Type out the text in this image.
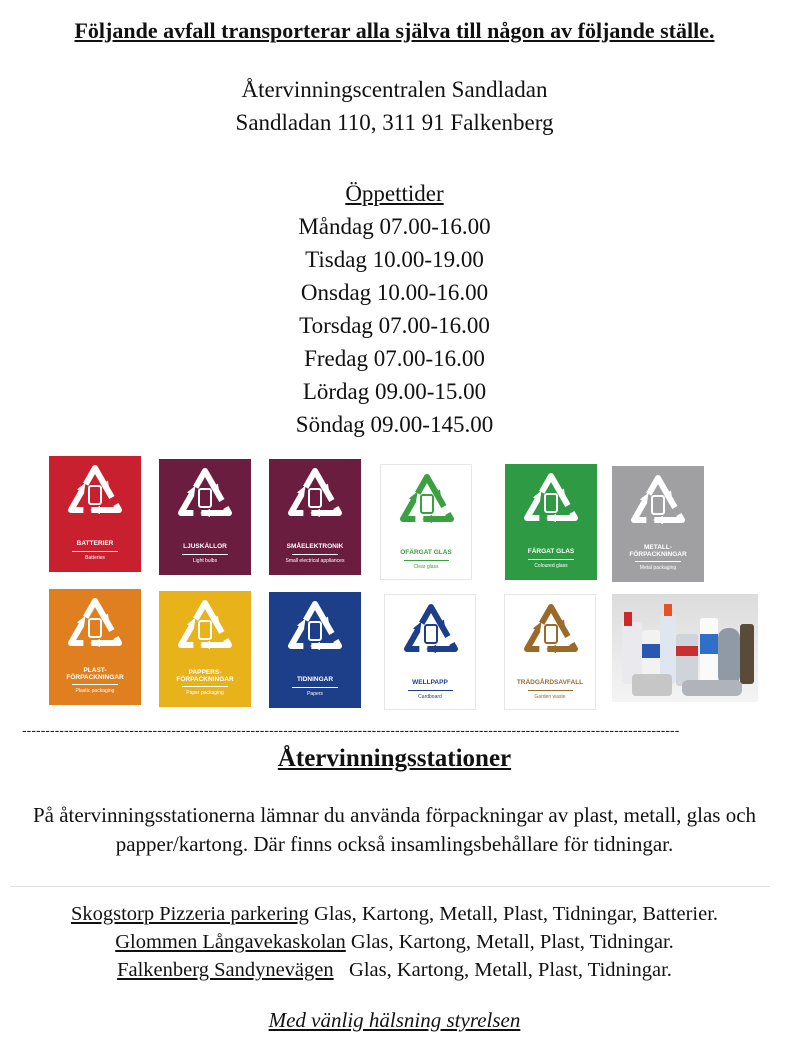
Följande avfall transporterar alla själva till någon av följande ställe.
Återvinningscentralen Sandladan
Sandladan 110, 311 91 Falkenberg
Öppettider
Måndag 07.00-16.00
Tisdag 10.00-19.00
Onsdag 10.00-16.00
Torsdag 07.00-16.00
Fredag 07.00-16.00
Lördag 09.00-15.00
Söndag 09.00-145.00
BATTERIER
Batteries
LJUSKÄLLOR
Light bulbs
SMÅELEKTRONIK
Small electrical appliances
OFÄRGAT GLAS
Clear glass
FÄRGAT GLAS
Coloured glass
METALL-
FÖRPACKNINGAR
Metal packaging
PLAST-
FÖRPACKNINGAR
Plastic packaging
PAPPERS-
FÖRPACKNINGAR
Paper packaging
TIDNINGAR
Papers
WELLPAPP
Cardboard
TRÄDGÅRDSAVFALL
Garden waste
---------------------------------------------------------------------------------------------------------------------------------------------
Återvinningsstationer
På återvinningsstationerna lämnar du använda förpackningar av plast, metall, glas och papper/kartong. Där finns också insamlingsbehållare för tidningar.
Skogstorp Pizzeria parkering Glas, Kartong, Metall, Plast, Tidningar, Batterier.
Glommen Långavekaskolan Glas, Kartong, Metall, Plast, Tidningar.
Falkenberg Sandynevägen   Glas, Kartong, Metall, Plast, Tidningar.
Med vänlig hälsning styrelsen
